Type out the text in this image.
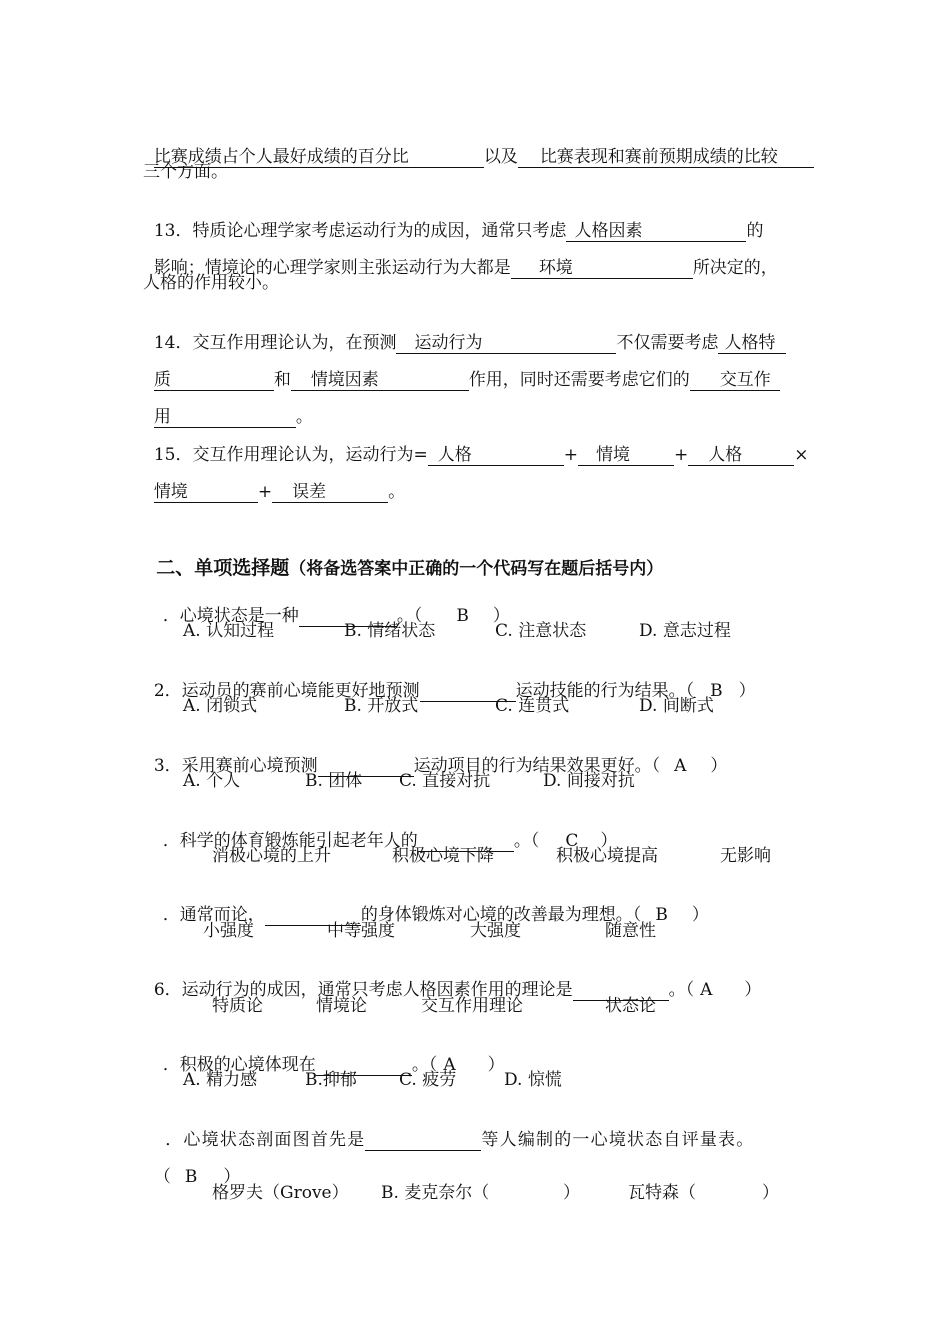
比赛成绩占个人最好成绩的百分比	以及 比赛表现和赛前预期成绩的比较

三个方面。

13．特质论心理学家考虑运动行为的成因，通常只考虑 人格因素	的

影响；情境论的心理学家则主张运动行为大都是 环境	所决定的，

人格的作用较小。

14．交互作用理论认为，在预测 运动行为	不仅需要考虑 人格特

质	和 情境因素	作用，同时还需要考虑它们的 交互作

用	。

15．交互作用理论认为，运动行为= 人格	+ 情境	+ 人格	×

情境	+ 误差	。

二、单项选择题（将备选答案中正确的一个代码写在题后括号内）

．心境状态是一种	。（ B ）

A. 认知过程	B. 情绪状态	C. 注意状态	D. 意志过程

2．运动员的赛前心境能更好地预测	运动技能的行为结果。（ B ）

A. 闭锁式	B. 开放式	C. 连贯式	D. 间断式

3．采用赛前心境预测	运动项目的行为结果效果更好。（ A ）

A. 个人	B. 团体 C. 直接对抗	D. 间接对抗

．科学的体育锻炼能引起老年人的	。（ C ）

消极心境的上升	积极心境下降	积极心境提高	无影响

．通常而论，	的身体锻炼对心境的改善最为理想。（ B ）

小强度	中等强度	大强度	随意性

6．运动行为的成因，通常只考虑人格因素作用的理论是	。（ A ）

特质论	情境论	交互作用理论	状态论

．积极的心境体现在	。（ A ）

A. 精力感	B.抑郁 C. 疲劳	D. 惊慌

．心境状态剖面图首先是	等人编制的一心境状态自评量表。

（ B ）

格罗夫（Grove） B. 麦克奈尔（	）	瓦特森（	）
